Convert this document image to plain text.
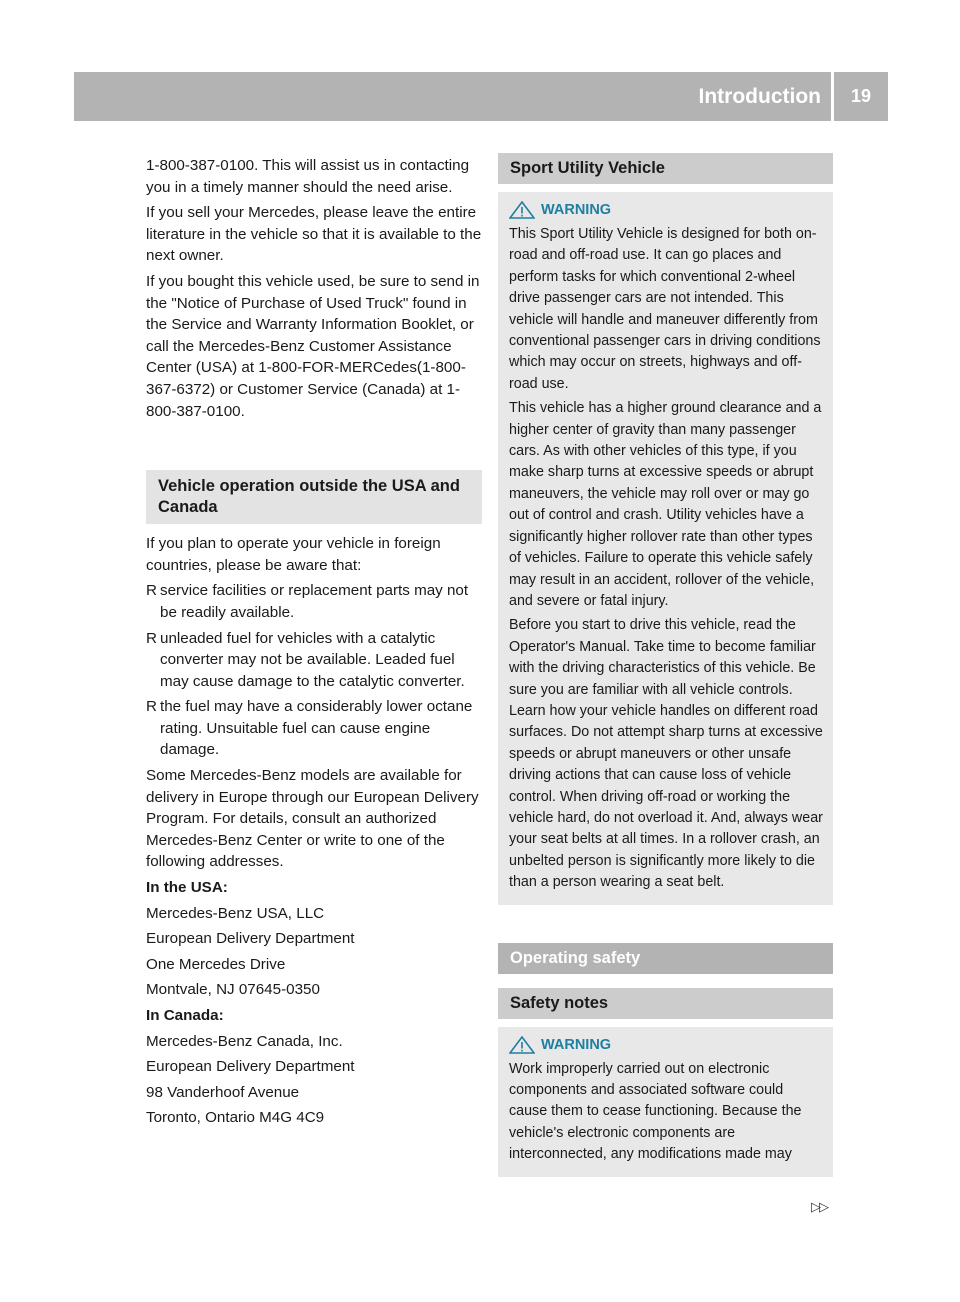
Introduction	19

1-800-387-0100. This will assist us in contacting you in a timely manner should the need arise.

If you sell your Mercedes, please leave the entire literature in the vehicle so that it is available to the next owner.

If you bought this vehicle used, be sure to send in the "Notice of Purchase of Used Truck" found in the Service and Warranty Information Booklet, or call the Mercedes-Benz Customer Assistance Center (USA) at 1-800-FOR-MERCedes(1-800-367-6372) or Customer Service (Canada) at 1-800-387-0100.

Vehicle operation outside the USA and Canada

If you plan to operate your vehicle in foreign countries, please be aware that:

R service facilities or replacement parts may not be readily available.
R unleaded fuel for vehicles with a catalytic converter may not be available. Leaded fuel may cause damage to the catalytic converter.
R the fuel may have a considerably lower octane rating. Unsuitable fuel can cause engine damage.

Some Mercedes-Benz models are available for delivery in Europe through our European Delivery Program. For details, consult an authorized Mercedes-Benz Center or write to one of the following addresses.

In the USA:

Mercedes-Benz USA, LLC

European Delivery Department

One Mercedes Drive

Montvale, NJ 07645-0350

In Canada:

Mercedes-Benz Canada, Inc.

European Delivery Department

98 Vanderhoof Avenue

Toronto, Ontario M4G 4C9

Sport Utility Vehicle
WARNING

This Sport Utility Vehicle is designed for both on-road and off-road use. It can go places and perform tasks for which conventional 2-wheel drive passenger cars are not intended. This vehicle will handle and maneuver differently from conventional passenger cars in driving conditions which may occur on streets, highways and off-road use.

This vehicle has a higher ground clearance and a higher center of gravity than many passenger cars. As with other vehicles of this type, if you make sharp turns at excessive speeds or abrupt maneuvers, the vehicle may roll over or may go out of control and crash. Utility vehicles have a significantly higher rollover rate than other types of vehicles. Failure to operate this vehicle safely may result in an accident, rollover of the vehicle, and severe or fatal injury.

Before you start to drive this vehicle, read the Operator's Manual. Take time to become familiar with the driving characteristics of this vehicle. Be sure you are familiar with all vehicle controls. Learn how your vehicle handles on different road surfaces. Do not attempt sharp turns at excessive speeds or abrupt maneuvers or other unsafe driving actions that can cause loss of vehicle control. When driving off-road or working the vehicle hard, do not overload it. And, always wear your seat belts at all times. In a rollover crash, an unbelted person is significantly more likely to die than a person wearing a seat belt.

Operating safety
Safety notes
WARNING

Work improperly carried out on electronic components and associated software could cause them to cease functioning. Because the vehicle's electronic components are interconnected, any modifications made may

▷▷
